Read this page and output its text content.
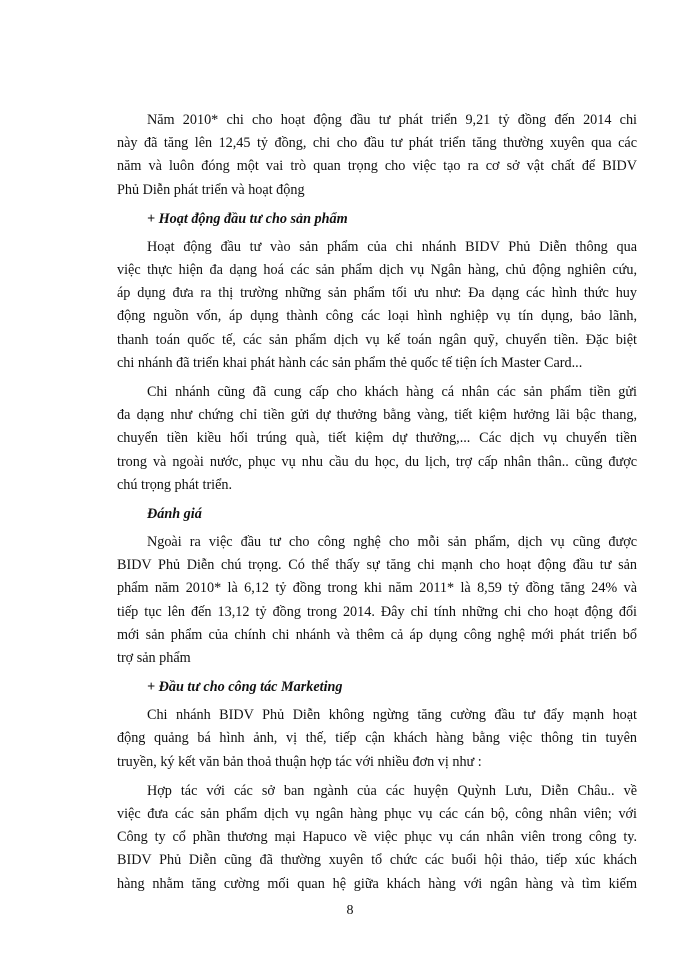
Năm 2010* chi cho hoạt động đầu tư phát triển 9,21 tỷ đồng đến 2014 chi
này đã tăng lên 12,45 tỷ đồng, chi cho đầu tư phát triển tăng thường xuyên qua các
năm và luôn đóng một vai trò quan trọng cho việc tạo ra cơ sở vật chất để BIDV
Phủ Diễn phát triển và hoạt động
+ Hoạt động đầu tư cho sản phẩm
Hoạt động đầu tư vào sản phẩm của chi nhánh BIDV Phủ Diễn thông qua
việc thực hiện đa dạng hoá các sản phẩm dịch vụ Ngân hàng, chủ động nghiên cứu,
áp dụng đưa ra thị trường những sản phẩm tối ưu như: Đa dạng các hình thức huy
động nguồn vốn, áp dụng thành công các loại hình nghiệp vụ tín dụng, bảo lãnh,
thanh toán quốc tế, các sản phẩm dịch vụ kế toán ngân quỹ, chuyển tiền. Đặc biệt
chi nhánh đã triển khai phát hành các sản phẩm thẻ quốc tế tiện ích Master Card...
Chi nhánh cũng đã cung cấp cho khách hàng cá nhân các sản phẩm tiền gửi
đa dạng như chứng chỉ tiền gửi dự thưởng bằng vàng, tiết kiệm hưởng lãi bậc thang,
chuyển tiền kiều hối trúng quà, tiết kiệm dự thưởng,... Các dịch vụ chuyển tiền
trong và ngoài nước, phục vụ nhu cầu du học, du lịch, trợ cấp nhân thân.. cũng được
chú trọng phát triển.
Đánh giá
Ngoài ra việc đầu tư cho công nghệ cho mỗi sản phẩm, dịch vụ cũng được
BIDV Phủ Diễn chú trọng. Có thể thấy sự tăng chi mạnh cho hoạt động đầu tư sản
phẩm năm 2010* là 6,12 tỷ đồng trong khi năm 2011* là 8,59 tỷ đồng tăng 24% và
tiếp tục lên đến 13,12 tỷ đồng trong 2014. Đây chỉ tính những chi cho hoạt động đổi
mới sản phẩm của chính chi nhánh và thêm cả áp dụng công nghệ mới phát triển bổ
trợ sản phẩm
+ Đầu tư cho công tác Marketing
Chi nhánh BIDV Phủ Diễn không ngừng tăng cường đầu tư đẩy mạnh hoạt
động quảng bá hình ảnh, vị thế, tiếp cận khách hàng bằng việc thông tin tuyên
truyền, ký kết văn bản thoả thuận hợp tác với nhiều đơn vị như :
Hợp tác với các sở ban ngành của các huyện Quỳnh Lưu, Diễn Châu.. về
việc đưa các sản phẩm dịch vụ ngân hàng phục vụ các cán bộ, công nhân viên; với
Công ty cổ phần thương mại Hapuco về việc phục vụ cán nhân viên trong công ty.
BIDV Phủ Diễn cũng đã thường xuyên tổ chức các buổi hội thảo, tiếp xúc khách
hàng nhằm tăng cường mối quan hệ giữa khách hàng với ngân hàng và tìm kiếm
8
